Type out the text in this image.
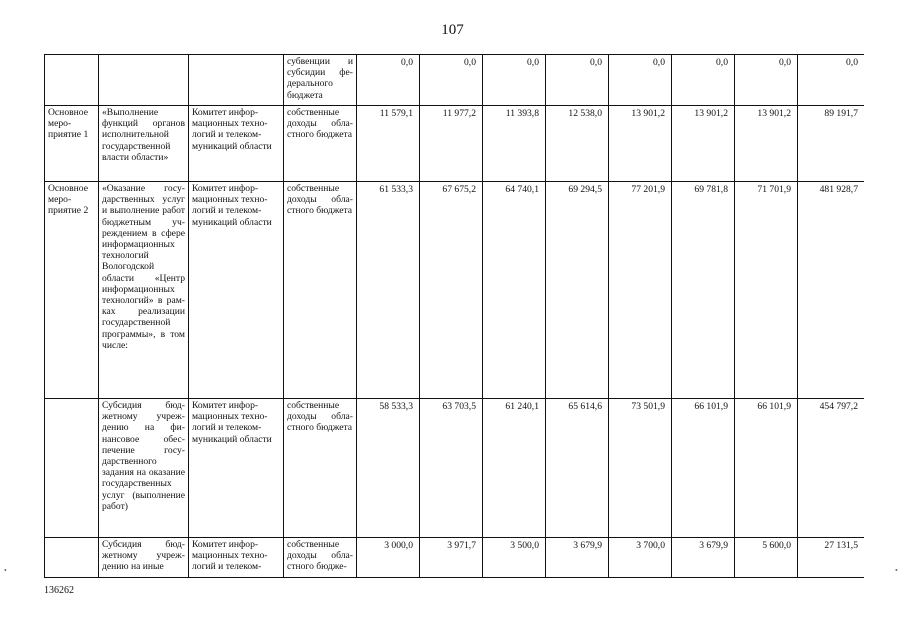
107
			субвенции и субсидии федерального бюджета	0,0	0,0	0,0	0,0	0,0	0,0	0,0	0,0
Основное мероприятие 1	«Выполнение функций органов исполнительной государственной власти области»	Комитет информационных технологий и телекоммуникаций области	собственные доходы областного бюджета	11 579,1	11 977,2	11 393,8	12 538,0	13 901,2	13 901,2	13 901,2	89 191,7
Основное мероприятие 2	«Оказание государственных услуг и выполнение работ бюджетным учреждением в сфере информационных технологий Вологодской области «Центр информационных технологий» в рамках реализации государственной программы», в том числе:	Комитет информационных технологий и телекоммуникаций области	собственные доходы областного бюджета	61 533,3	67 675,2	64 740,1	69 294,5	77 201,9	69 781,8	71 701,9	481 928,7
	Субсидия бюджетному учреждению на финансовое обеспечение государственного задания на оказание государственных услуг (выполнение работ)	Комитет информационных технологий и телекоммуникаций области	собственные доходы областного бюджета	58 533,3	63 703,5	61 240,1	65 614,6	73 501,9	66 101,9	66 101,9	454 797,2
	Субсидия бюджетному учреждению на иные	Комитет информационных технологий и телеком-	собственные доходы областного бюдже-	3 000,0	3 971,7	3 500,0	3 679,9	3 700,0	3 679,9	5 600,0	27 131,5
•	•
136262
